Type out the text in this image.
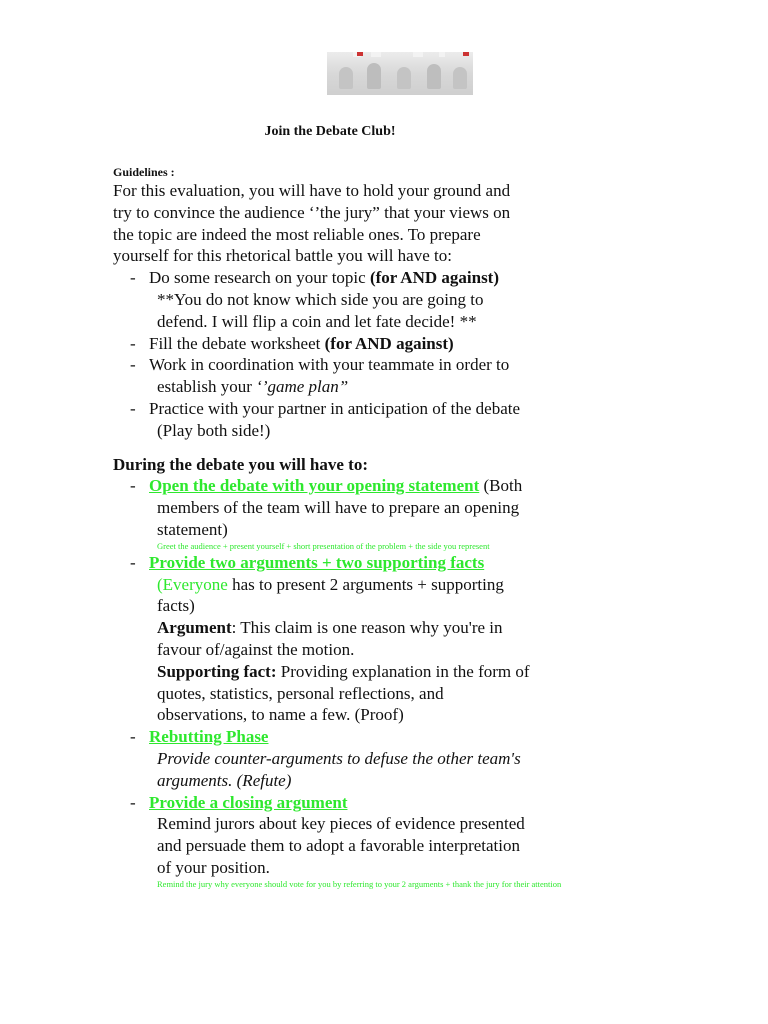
Join the Debate Club!
Guidelines :

For this evaluation, you will have to hold your ground and

try to convince the audience ‘’the jury” that your views on

the topic are indeed the most reliable ones. To prepare

yourself for this rhetorical battle you will have to:

- Do some research on your topic (for AND against)

**You do not know which side you are going to

defend. I will flip a coin and let fate decide! **

- Fill the debate worksheet (for AND against)

- Work in coordination with your teammate in order to

establish your ‘’game plan”

- Practice with your partner in anticipation of the debate

(Play both side!)

During the debate you will have to:

- Open the debate with your opening statement (Both

members of the team will have to prepare an opening

statement)

Greet the audience + present yourself + short presentation of the problem + the side you represent

- Provide two arguments + two supporting facts

(Everyone has to present 2 arguments + supporting

facts)

Argument: This claim is one reason why you're in

favour of/against the motion.

Supporting fact: Providing explanation in the form of

quotes, statistics, personal reflections, and

observations, to name a few. (Proof)

- Rebutting Phase

Provide counter-arguments to defuse the other team's

arguments. (Refute)

- Provide a closing argument

Remind jurors about key pieces of evidence presented

and persuade them to adopt a favorable interpretation

of your position.

Remind the jury why everyone should vote for you by referring to your 2 arguments + thank the jury for their attention
